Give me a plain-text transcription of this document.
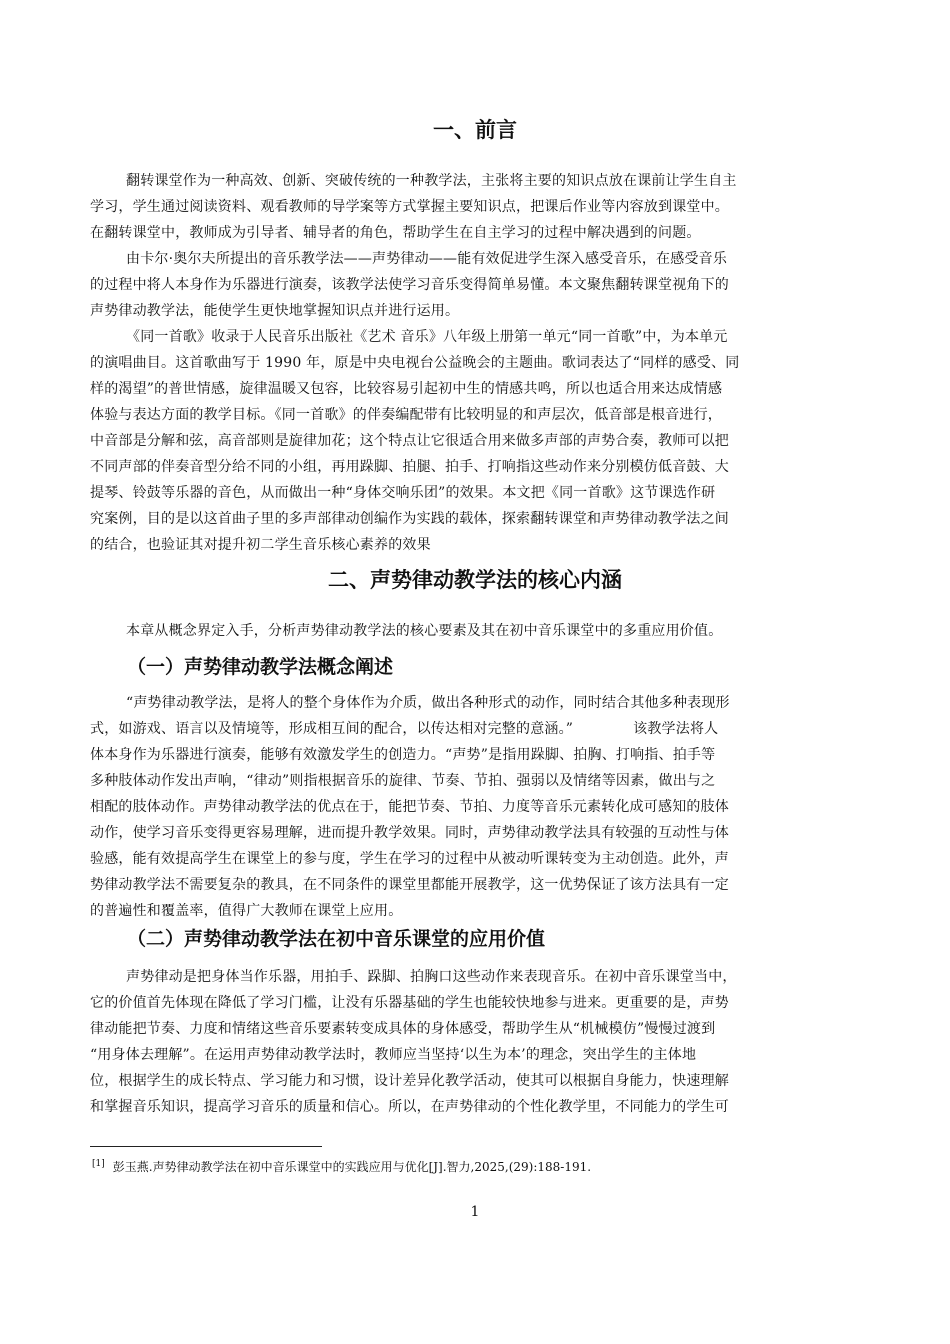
一、前言

翻转课堂作为一种高效、创新、突破传统的一种教学法，主张将主要的知识点放在课前让学生自主
学习，学生通过阅读资料、观看教师的导学案等方式掌握主要知识点，把课后作业等内容放到课堂中。
在翻转课堂中，教师成为引导者、辅导者的角色，帮助学生在自主学习的过程中解决遇到的问题。

由卡尔·奥尔夫所提出的音乐教学法——声势律动——能有效促进学生深入感受音乐，在感受音乐
的过程中将人本身作为乐器进行演奏，该教学法使学习音乐变得简单易懂。本文聚焦翻转课堂视角下的
声势律动教学法，能使学生更快地掌握知识点并进行运用。

《同一首歌》收录于人民音乐出版社《艺术 音乐》八年级上册第一单元“同一首歌”中，为本单元
的演唱曲目。这首歌曲写于 1990 年，原是中央电视台公益晚会的主题曲。歌词表达了“同样的感受、同
样的渴望”的普世情感，旋律温暖又包容，比较容易引起初中生的情感共鸣，所以也适合用来达成情感
体验与表达方面的教学目标。《同一首歌》的伴奏编配带有比较明显的和声层次，低音部是根音进行，
中音部是分解和弦，高音部则是旋律加花；这个特点让它很适合用来做多声部的声势合奏，教师可以把
不同声部的伴奏音型分给不同的小组，再用跺脚、拍腿、拍手、打响指这些动作来分别模仿低音鼓、大
提琴、铃鼓等乐器的音色，从而做出一种“身体交响乐团”的效果。本文把《同一首歌》这节课选作研
究案例，目的是以这首曲子里的多声部律动创编作为实践的载体，探索翻转课堂和声势律动教学法之间
的结合，也验证其对提升初二学生音乐核心素养的效果

二、声势律动教学法的核心内涵

本章从概念界定入手，分析声势律动教学法的核心要素及其在初中音乐课堂中的多重应用价值。

（一）声势律动教学法概念阐述

“声势律动教学法，是将人的整个身体作为介质，做出各种形式的动作，同时结合其他多种表现形
式，如游戏、语言以及情境等，形成相互间的配合，以传达相对完整的意涵。”	该教学法将人
体本身作为乐器进行演奏，能够有效激发学生的创造力。“声势”是指用跺脚、拍胸、打响指、拍手等
多种肢体动作发出声响，“律动”则指根据音乐的旋律、节奏、节拍、强弱以及情绪等因素，做出与之
相配的肢体动作。声势律动教学法的优点在于，能把节奏、节拍、力度等音乐元素转化成可感知的肢体
动作，使学习音乐变得更容易理解，进而提升教学效果。同时，声势律动教学法具有较强的互动性与体
验感，能有效提高学生在课堂上的参与度，学生在学习的过程中从被动听课转变为主动创造。此外，声
势律动教学法不需要复杂的教具，在不同条件的课堂里都能开展教学，这一优势保证了该方法具有一定
的普遍性和覆盖率，值得广大教师在课堂上应用。

（二）声势律动教学法在初中音乐课堂的应用价值

声势律动是把身体当作乐器，用拍手、跺脚、拍胸口这些动作来表现音乐。在初中音乐课堂当中，
它的价值首先体现在降低了学习门槛，让没有乐器基础的学生也能较快地参与进来。更重要的是，声势
律动能把节奏、力度和情绪这些音乐要素转变成具体的身体感受，帮助学生从“机械模仿”慢慢过渡到
“用身体去理解”。在运用声势律动教学法时，教师应当坚持‘以生为本’的理念，突出学生的主体地
位，根据学生的成长特点、学习能力和习惯，设计差异化教学活动，使其可以根据自身能力，快速理解
和掌握音乐知识，提高学习音乐的质量和信心。所以，在声势律动的个性化教学里，不同能力的学生可

[1] 彭玉燕.声势律动教学法在初中音乐课堂中的实践应用与优化[J].智力,2025,(29):188-191.
1
